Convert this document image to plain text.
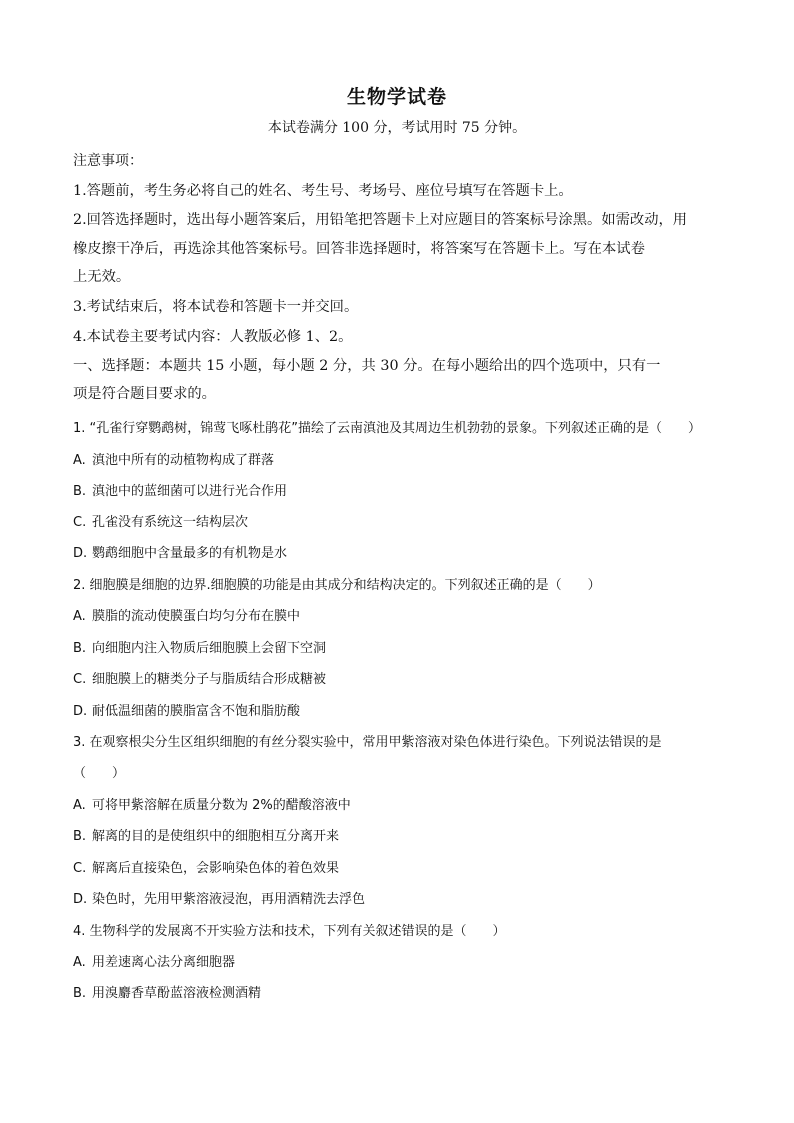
生物学试卷
本试卷满分 100 分，考试用时 75 分钟。
注意事项：
1.答题前，考生务必将自己的姓名、考生号、考场号、座位号填写在答题卡上。
2.回答选择题时，选出每小题答案后，用铅笔把答题卡上对应题目的答案标号涂黑。如需改动，用
橡皮擦干净后，再选涂其他答案标号。回答非选择题时，将答案写在答题卡上。写在本试卷
上无效。
3.考试结束后，将本试卷和答题卡一并交回。
4.本试卷主要考试内容：人教版必修 1、2。
一、选择题：本题共 15 小题，每小题 2 分，共 30 分。在每小题给出的四个选项中，只有一
项是符合题目要求的。
1. “孔雀行穿鹦鹉树，锦莺飞啄杜鹃花”描绘了云南滇池及其周边生机勃勃的景象。下列叙述正确的是（　　）
A. 滇池中所有的动植物构成了群落
B. 滇池中的蓝细菌可以进行光合作用
C. 孔雀没有系统这一结构层次
D. 鹦鹉细胞中含量最多的有机物是水
2. 细胞膜是细胞的边界.细胞膜的功能是由其成分和结构决定的。下列叙述正确的是（　　）
A. 膜脂的流动使膜蛋白均匀分布在膜中
B. 向细胞内注入物质后细胞膜上会留下空洞
C. 细胞膜上的糖类分子与脂质结合形成糖被
D. 耐低温细菌的膜脂富含不饱和脂肪酸
3. 在观察根尖分生区组织细胞的有丝分裂实验中，常用甲紫溶液对染色体进行染色。下列说法错误的是
（　　）
A. 可将甲紫溶解在质量分数为 2%的醋酸溶液中
B. 解离的目的是使组织中的细胞相互分离开来
C. 解离后直接染色，会影响染色体的着色效果
D. 染色时，先用甲紫溶液浸泡，再用酒精洗去浮色
4. 生物科学的发展离不开实验方法和技术，下列有关叙述错误的是（　　）
A. 用差速离心法分离细胞器
B. 用溴麝香草酚蓝溶液检测酒精
